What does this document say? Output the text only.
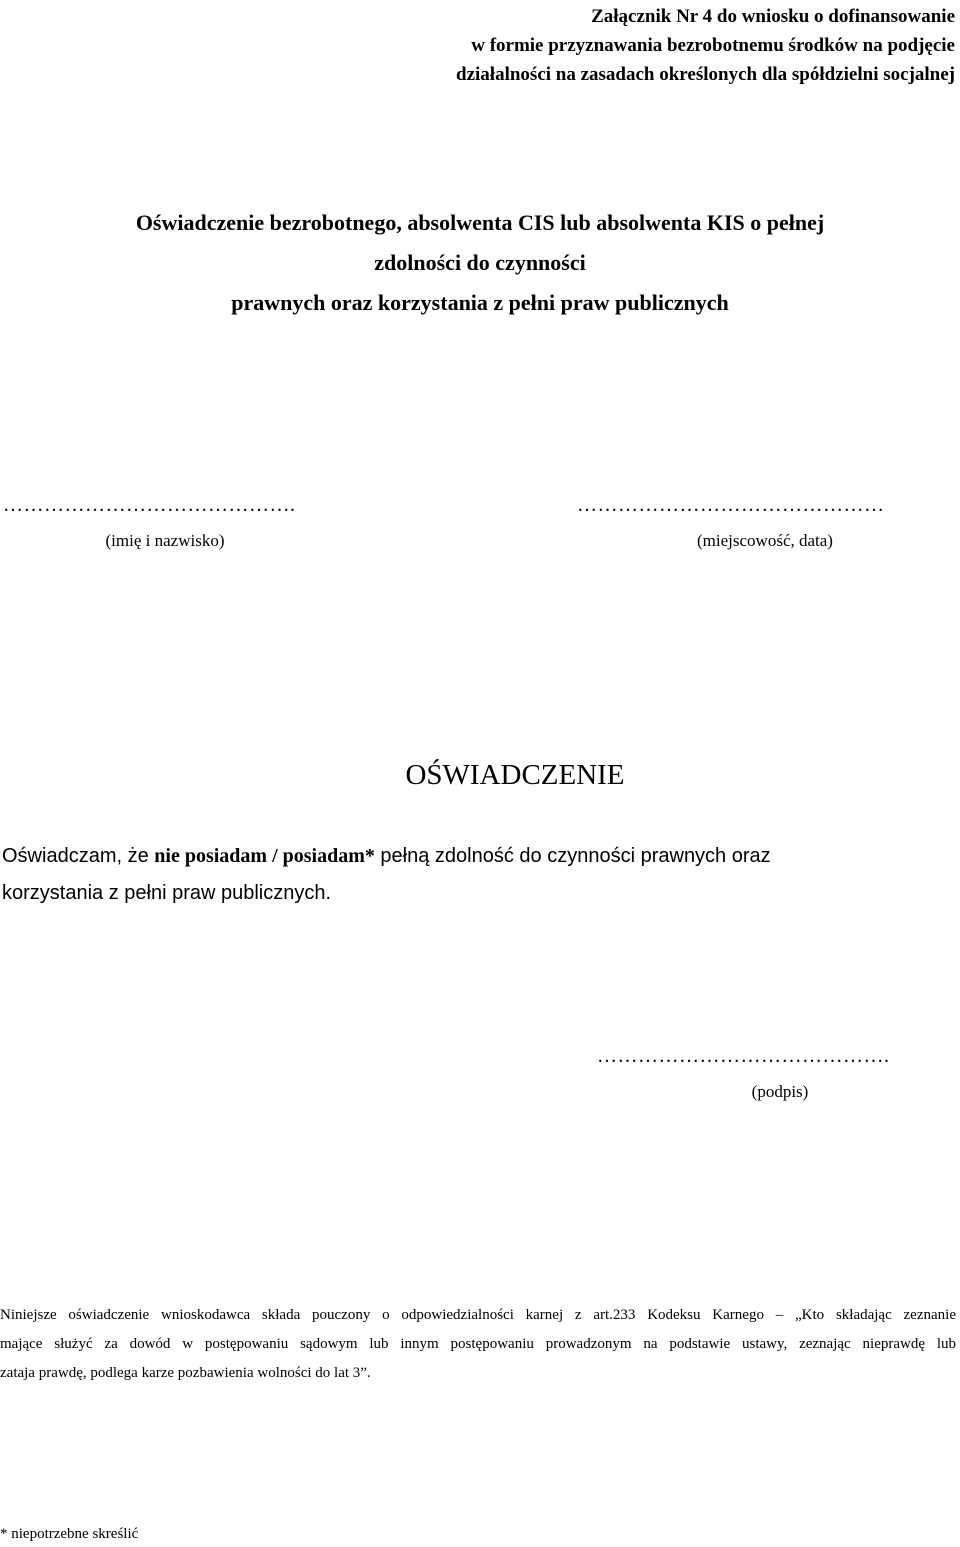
Załącznik Nr 4 do wniosku o dofinansowanie
w formie przyznawania bezrobotnemu środków na podjęcie
działalności na zasadach określonych dla spółdzielni socjalnej
Oświadczenie bezrobotnego, absolwenta CIS lub absolwenta KIS o pełnej
zdolności do czynności
prawnych oraz korzystania z pełni praw publicznych
…………………………………….	………………………………………
(imię i nazwisko)	(miejscowość, data)
OŚWIADCZENIE
Oświadczam, że nie posiadam / posiadam* pełną zdolność do czynności prawnych oraz
korzystania z pełni praw publicznych.
…………………………………….
(podpis)
Niniejsze oświadczenie wnioskodawca składa pouczony o odpowiedzialności karnej z art.233 Kodeksu Karnego – „Kto składając zeznanie
mające służyć za dowód w postępowaniu sądowym lub innym postępowaniu prowadzonym na podstawie ustawy, zeznając nieprawdę lub
zataja prawdę, podlega karze pozbawienia wolności do lat 3”.
* niepotrzebne skreślić
